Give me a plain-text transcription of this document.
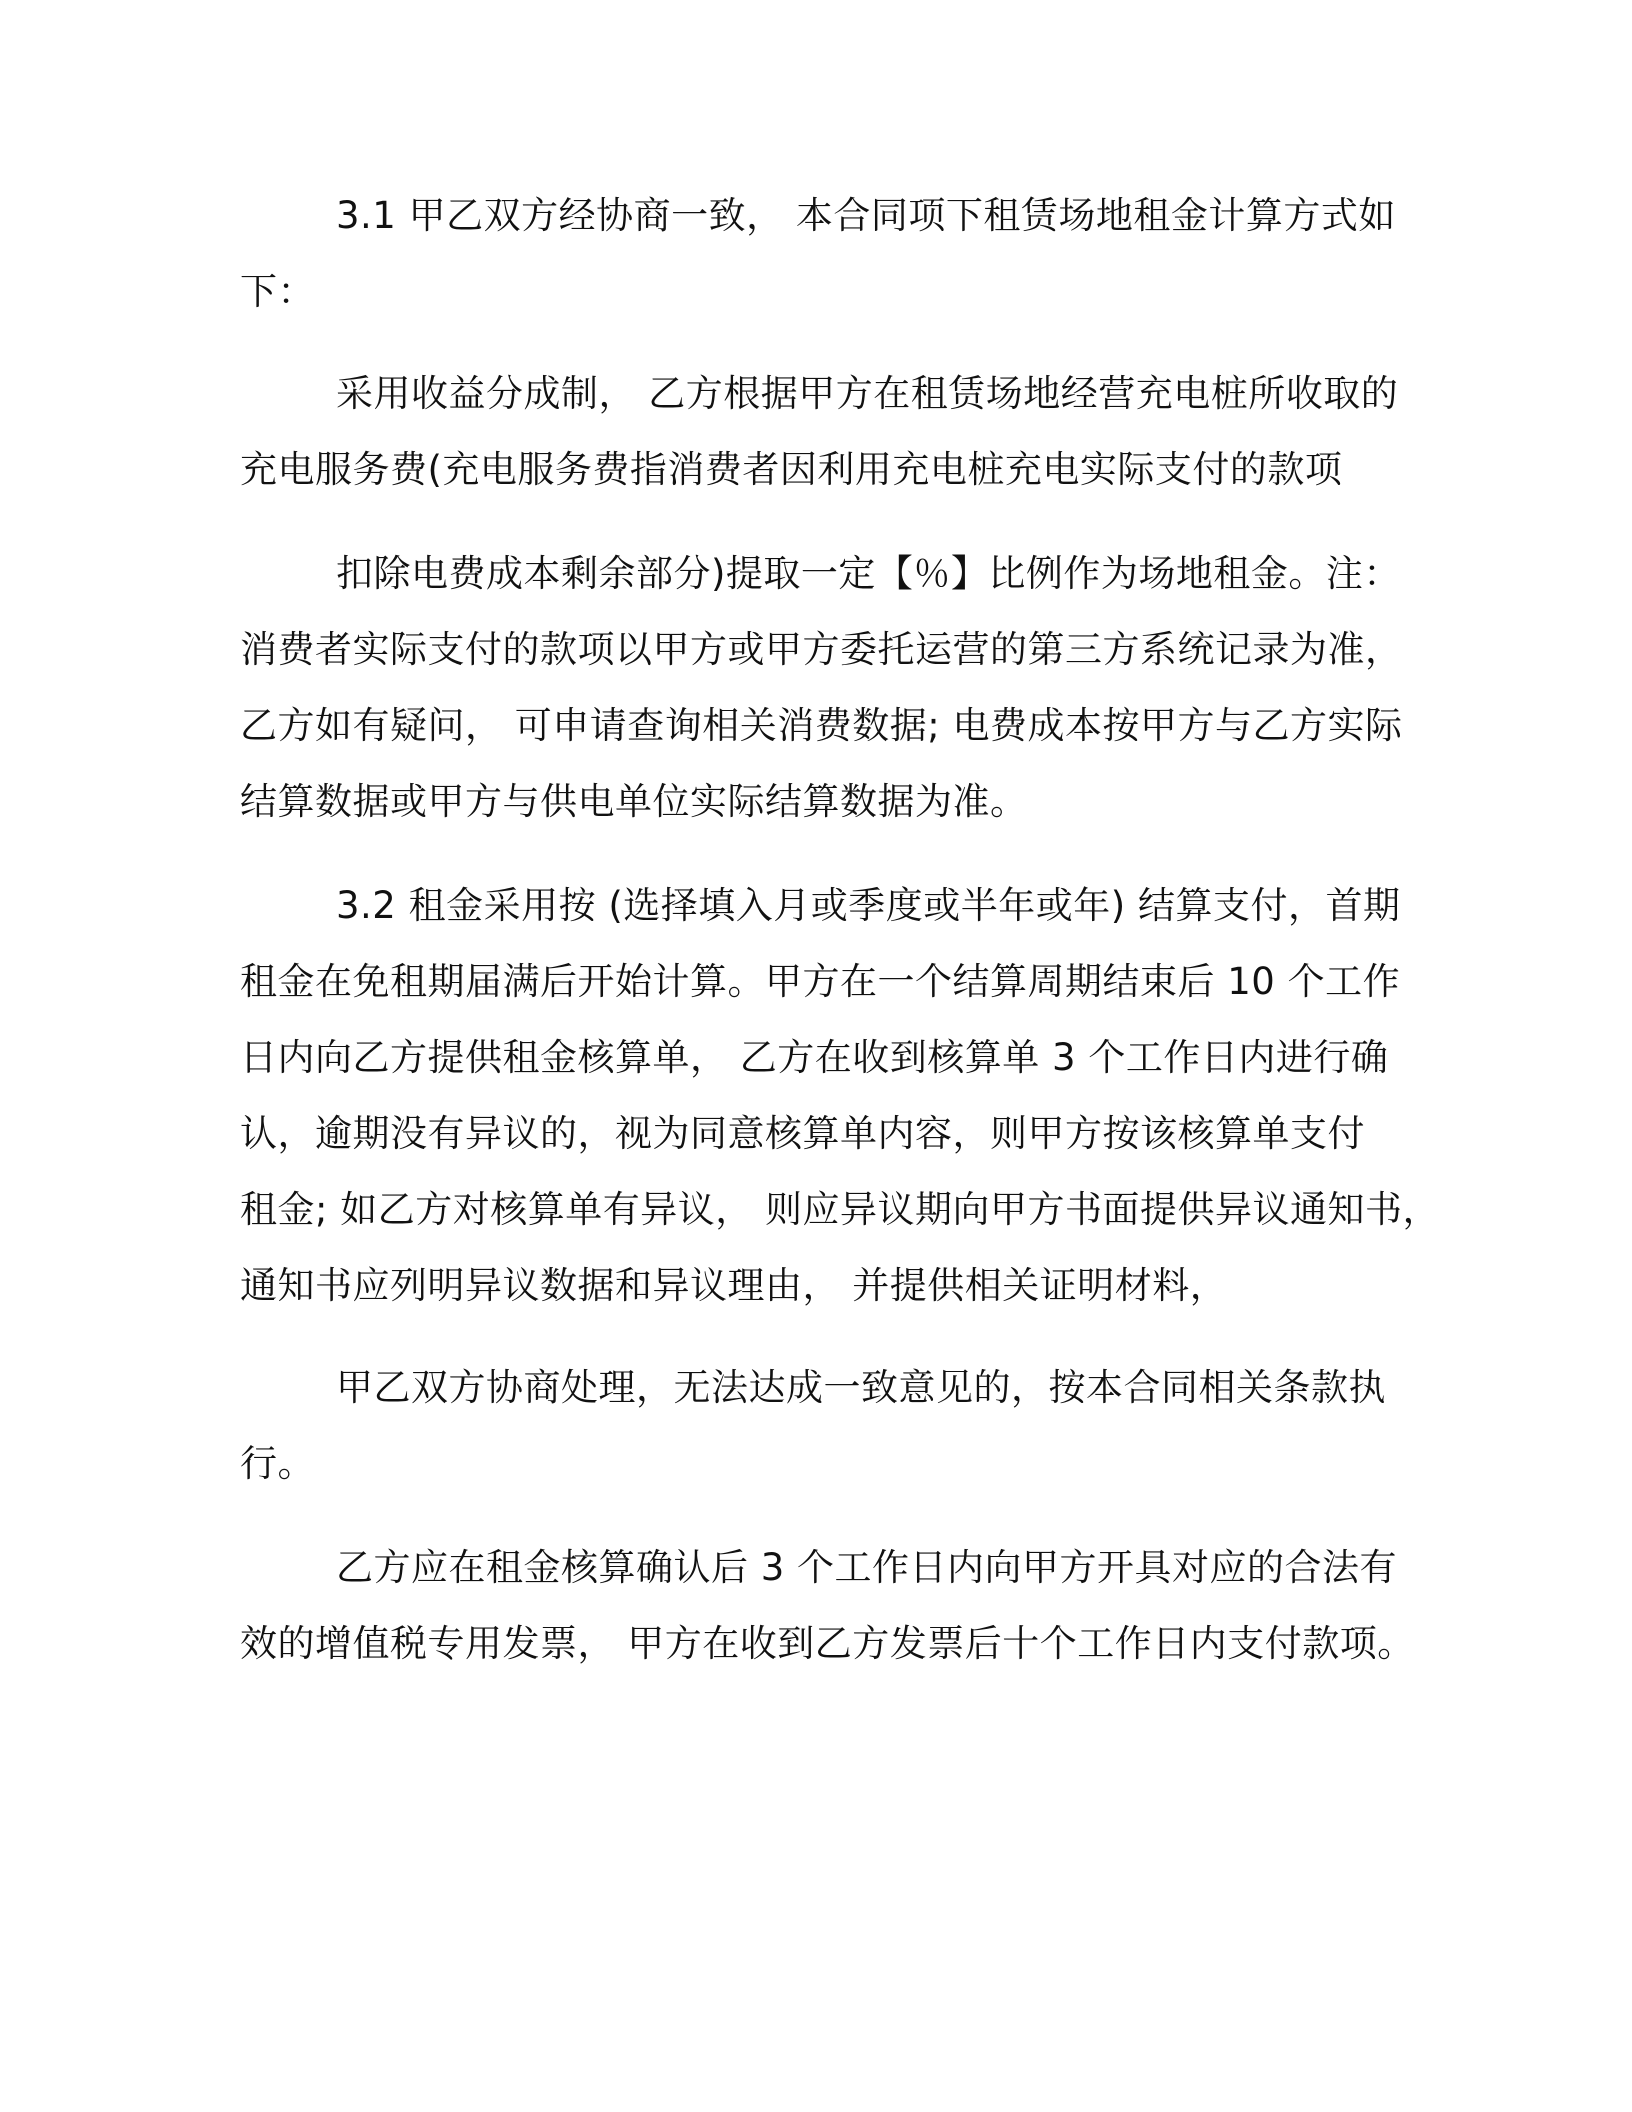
3.1 甲乙双方经协商一致， 本合同项下租赁场地租金计算方式如
下：
采用收益分成制， 乙方根据甲方在租赁场地经营充电桩所收取的
充电服务费(充电服务费指消费者因利用充电桩充电实际支付的款项
扣除电费成本剩余部分)提取一定【％】比例作为场地租金。注：
消费者实际支付的款项以甲方或甲方委托运营的第三方系统记录为准，
乙方如有疑问， 可申请查询相关消费数据; 电费成本按甲方与乙方实际
结算数据或甲方与供电单位实际结算数据为准。
3.2 租金采用按 (选择填入月或季度或半年或年) 结算支付，首期
租金在免租期届满后开始计算。甲方在一个结算周期结束后 10 个工作
日内向乙方提供租金核算单， 乙方在收到核算单 3 个工作日内进行确
认，逾期没有异议的，视为同意核算单内容，则甲方按该核算单支付
租金; 如乙方对核算单有异议， 则应异议期向甲方书面提供异议通知书，
通知书应列明异议数据和异议理由， 并提供相关证明材料，
甲乙双方协商处理，无法达成一致意见的，按本合同相关条款执
行。
乙方应在租金核算确认后 3 个工作日内向甲方开具对应的合法有
效的增值税专用发票， 甲方在收到乙方发票后十个工作日内支付款项。
